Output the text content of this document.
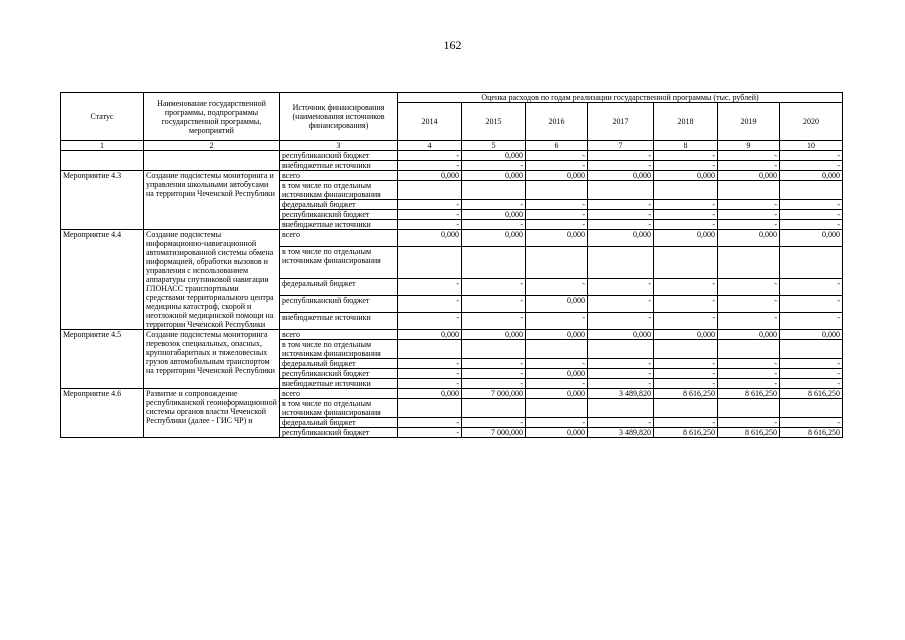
162
Статус	Наименование государственной программы, подпрограммы государственной программы, мероприятий	Источник финансирования (наименования источников финансирования)	Оценка расходов по годам реализации государственной программы (тыс. рублей)						
			2014	2015	2016	2017	2018	2019	2020
1	2	3	4	5	6	7	8	9	10
		республиканский бюджет	-	0,000	-	-	-	-	-
		внебюджетные источники	-	-	-	-	-	-	-
Мероприятие 4.3	Создание подсистемы мониторинга и управления школьными автобусами на территории Чеченской Республики	всего	0,000	0,000	0,000	0,000	0,000	0,000	0,000
		в том числе по отдельным источникам финансирования							
		федеральный бюджет	-	-	-	-	-	-	-
		республиканский бюджет	-	0,000	-	-	-	-	-
		внебюджетные источники	-	-	-	-	-	-	-
Мероприятие 4.4	Создание подсистемы информационно-навигационной автоматизированной системы обмена информацией, обработки вызовов и управления с использованием аппаратуры спутниковой навигации ГЛОНАСС транспортными средствами территориального центра медицины катастроф, скорой и неотложной медицинской помощи на территории Чеченской Республики	всего	0,000	0,000	0,000	0,000	0,000	0,000	0,000
		в том числе по отдельным источникам финансирования							
		федеральный бюджет	-	-	-	-	-	-	-
		республиканский бюджет	-	-	0,000	-	-	-	-
		внебюджетные источники	-	-	-	-	-	-	-
Мероприятие 4.5	Создание подсистемы мониторинга перевозок специальных, опасных, крупногабаритных и тяжеловесных грузов автомобильным транспортом на территории Чеченской Республики	всего	0,000	0,000	0,000	0,000	0,000	0,000	0,000
		в том числе по отдельным источникам финансирования							
		федеральный бюджет	-	-	-	-	-	-	-
		республиканский бюджет	-	-	0,000	-	-	-	-
		внебюджетные источники	-	-	-	-	-	-	-
Мероприятие 4.6	Развитие и сопровождение республиканской геоинформационной системы органов власти Чеченской Республики (далее - ГИС ЧР) и	всего	0,000	7 000,000	0,000	3 489,820	8 616,250	8 616,250	8 616,250
		в том числе по отдельным источникам финансирования							
		федеральный бюджет	-	-	-	-	-	-	-
		республиканский бюджет	-	7 000,000	0,000	3 489,820	8 616,250	8 616,250	8 616,250
